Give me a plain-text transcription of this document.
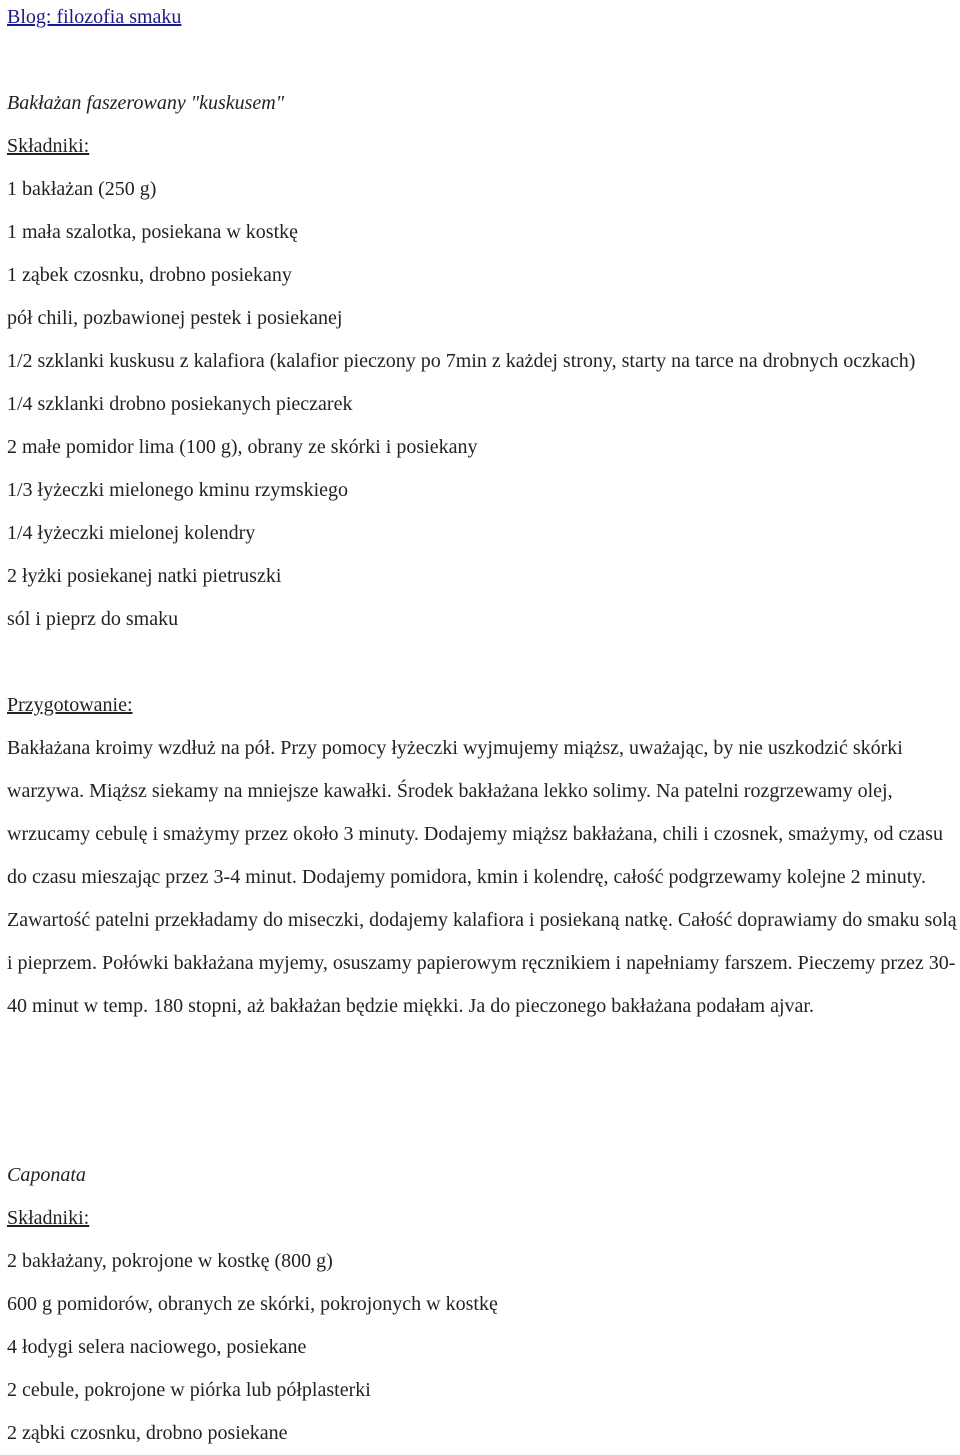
Blog: filozofia smaku
Bakłażan faszerowany "kuskusem"
Składniki:
1 bakłażan (250 g)
1 mała szalotka, posiekana w kostkę
1 ząbek czosnku, drobno posiekany
pół chili, pozbawionej pestek i posiekanej
1/2 szklanki kuskusu z kalafiora (kalafior pieczony po 7min z każdej strony, starty na tarce na drobnych oczkach)
1/4 szklanki drobno posiekanych pieczarek
2 małe pomidor lima (100 g), obrany ze skórki i posiekany
1/3 łyżeczki mielonego kminu rzymskiego
1/4 łyżeczki mielonej kolendry
2 łyżki posiekanej natki pietruszki
sól i pieprz do smaku
Przygotowanie:
Bakłażana kroimy wzdłuż na pół. Przy pomocy łyżeczki wyjmujemy miąższ, uważając, by nie uszkodzić skórki warzywa. Miąższ siekamy na mniejsze kawałki. Środek bakłażana lekko solimy. Na patelni rozgrzewamy olej, wrzucamy cebulę i smażymy przez około 3 minuty. Dodajemy miąższ bakłażana, chili i czosnek, smażymy, od czasu do czasu mieszając przez 3-4 minut. Dodajemy pomidora, kmin i kolendrę, całość podgrzewamy kolejne 2 minuty. Zawartość patelni przekładamy do miseczki, dodajemy kalafiora i posiekaną natkę. Całość doprawiamy do smaku solą i pieprzem. Połówki bakłażana myjemy, osuszamy papierowym ręcznikiem i napełniamy farszem. Pieczemy przez 30-40 minut w temp. 180 stopni, aż bakłażan będzie miękki. Ja do pieczonego bakłażana podałam ajvar.
Caponata
Składniki:
2 bakłażany, pokrojone w kostkę (800 g)
600 g pomidorów, obranych ze skórki, pokrojonych w kostkę
4 łodygi selera naciowego, posiekane
2 cebule, pokrojone w piórka lub półplasterki
2 ząbki czosnku, drobno posiekane
